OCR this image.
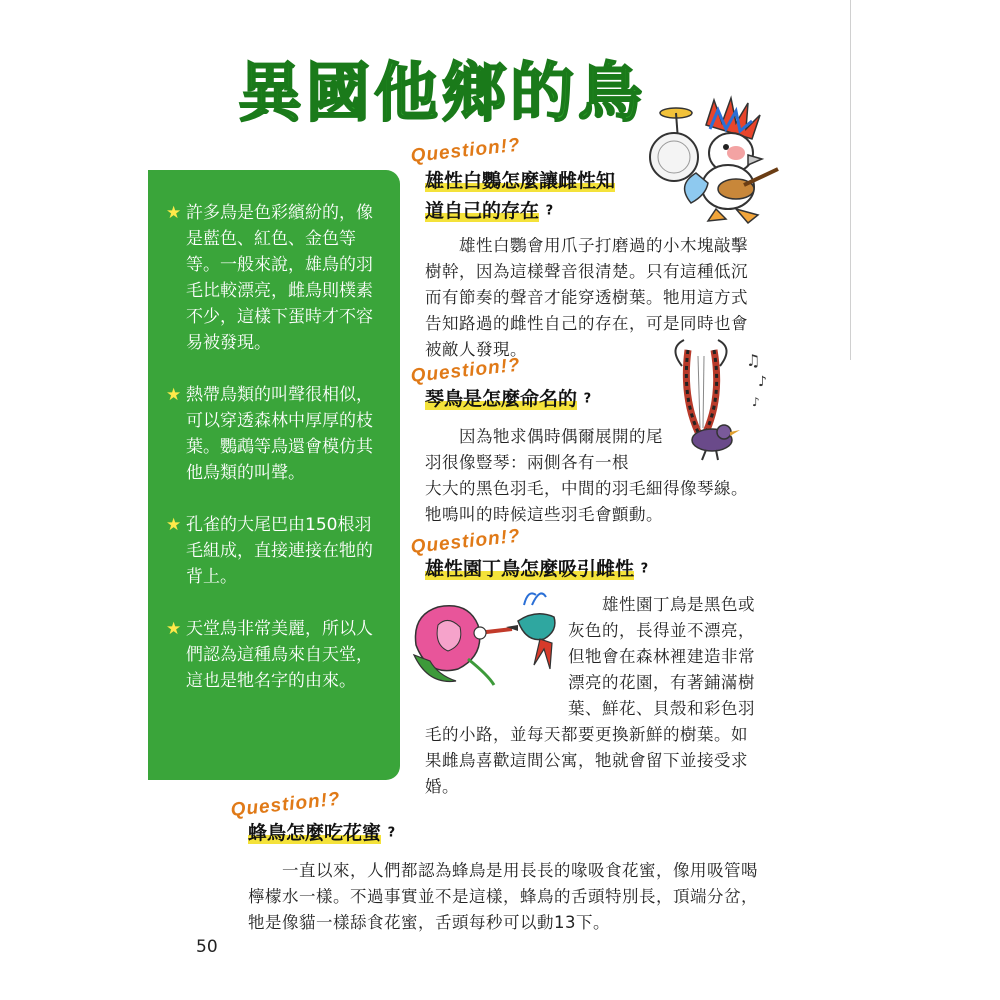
異國他鄉的鳥
♫
♪
♪
★ 許多鳥是色彩繽紛的，像是藍色、紅色、金色等等。一般來說，雄鳥的羽毛比較漂亮，雌鳥則樸素不少，這樣下蛋時才不容易被發現。
★ 熱帶鳥類的叫聲很相似，可以穿透森林中厚厚的枝葉。鸚鵡等鳥還會模仿其他鳥類的叫聲。
★ 孔雀的大尾巴由150根羽毛組成，直接連接在牠的背上。
★ 天堂鳥非常美麗，所以人們認為這種鳥來自天堂，這也是牠名字的由來。
Question!?
雄性白鸚怎麼讓雌性知
道自己的存在 ?

　　雄性白鸚會用爪子打磨過的小木塊敲擊

樹幹，因為這樣聲音很清楚。只有這種低沉

而有節奏的聲音才能穿透樹葉。牠用這方式

告知路過的雌性自己的存在，可是同時也會

被敵人發現。

Question!?
琴鳥是怎麼命名的 ?

　　因為牠求偶時偶爾展開的尾

羽很像豎琴：兩側各有一根

大大的黑色羽毛，中間的羽毛細得像琴線。

牠鳴叫的時候這些羽毛會顫動。

Question!?
雄性園丁鳥怎麼吸引雌性 ?

　　雄性園丁鳥是黑色或

灰色的，長得並不漂亮，

但牠會在森林裡建造非常

漂亮的花園，有著鋪滿樹

葉、鮮花、貝殼和彩色羽

毛的小路，並每天都要更換新鮮的樹葉。如

果雌鳥喜歡這間公寓，牠就會留下並接受求

婚。

Question!?
蜂鳥怎麼吃花蜜 ?

　　一直以來，人們都認為蜂鳥是用長長的喙吸食花蜜，像用吸管喝

檸檬水一樣。不過事實並不是這樣，蜂鳥的舌頭特別長，頂端分岔，

牠是像貓一樣舔食花蜜，舌頭每秒可以動13下。

50
